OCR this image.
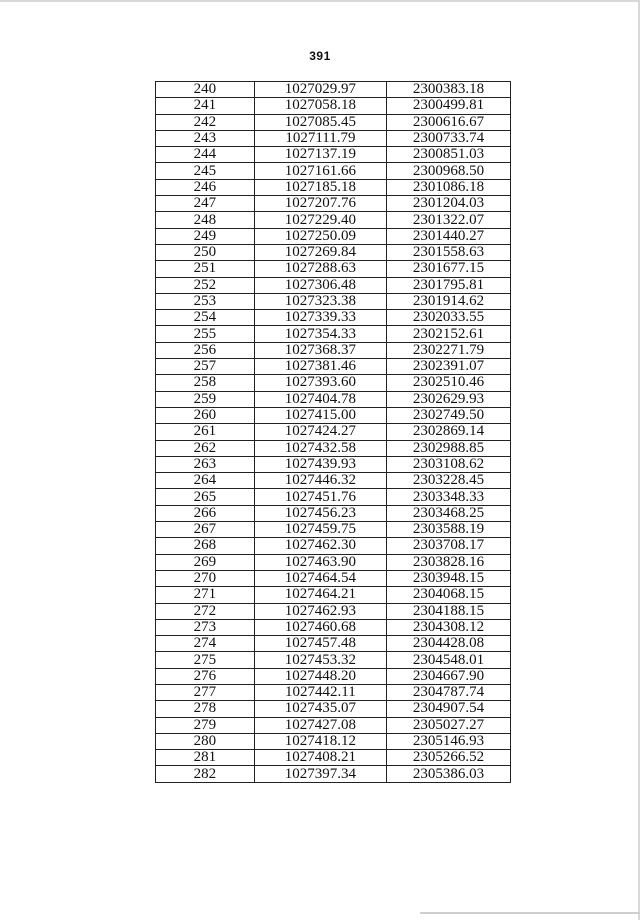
391
240	1027029.97	2300383.18
241	1027058.18	2300499.81
242	1027085.45	2300616.67
243	1027111.79	2300733.74
244	1027137.19	2300851.03
245	1027161.66	2300968.50
246	1027185.18	2301086.18
247	1027207.76	2301204.03
248	1027229.40	2301322.07
249	1027250.09	2301440.27
250	1027269.84	2301558.63
251	1027288.63	2301677.15
252	1027306.48	2301795.81
253	1027323.38	2301914.62
254	1027339.33	2302033.55
255	1027354.33	2302152.61
256	1027368.37	2302271.79
257	1027381.46	2302391.07
258	1027393.60	2302510.46
259	1027404.78	2302629.93
260	1027415.00	2302749.50
261	1027424.27	2302869.14
262	1027432.58	2302988.85
263	1027439.93	2303108.62
264	1027446.32	2303228.45
265	1027451.76	2303348.33
266	1027456.23	2303468.25
267	1027459.75	2303588.19
268	1027462.30	2303708.17
269	1027463.90	2303828.16
270	1027464.54	2303948.15
271	1027464.21	2304068.15
272	1027462.93	2304188.15
273	1027460.68	2304308.12
274	1027457.48	2304428.08
275	1027453.32	2304548.01
276	1027448.20	2304667.90
277	1027442.11	2304787.74
278	1027435.07	2304907.54
279	1027427.08	2305027.27
280	1027418.12	2305146.93
281	1027408.21	2305266.52
282	1027397.34	2305386.03
